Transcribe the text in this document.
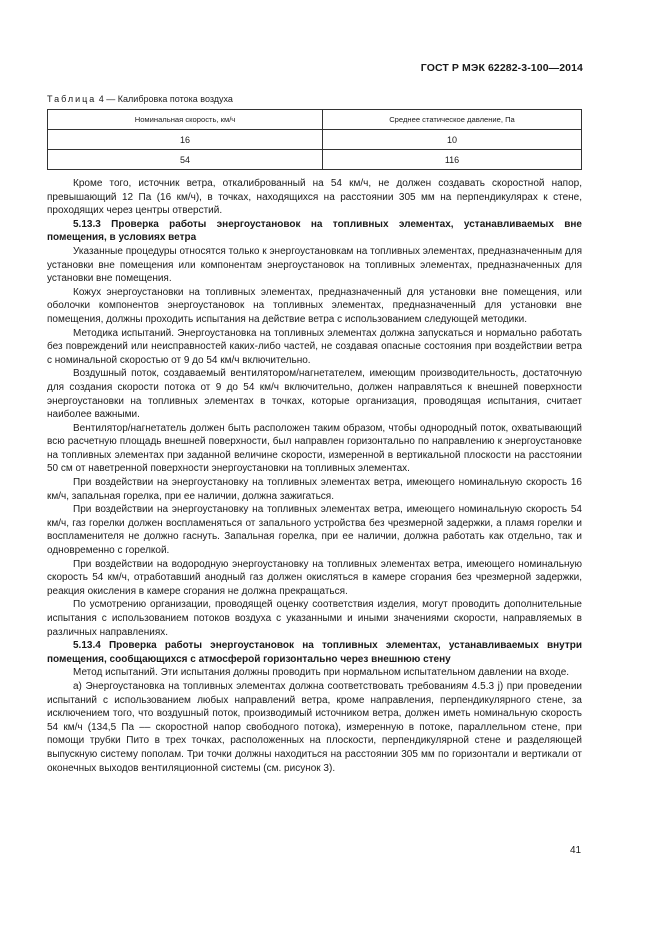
ГОСТ Р МЭК 62282-3-100—2014
Таблица 4 — Калибровка потока воздуха
Номинальная скорость, км/ч	Среднее статическое давление, Па
16	10
54	116

Кроме того, источник ветра, откалиброванный на 54 км/ч, не должен создавать скоростной напор, превышающий 12 Па (16 км/ч), в точках, находящихся на расстоянии 305 мм на перпендикулярах к стене, проходящих через центры отверстий.

5.13.3 Проверка работы энергоустановок на топливных элементах, устанавливаемых вне помещения, в условиях ветра

Указанные процедуры относятся только к энергоустановкам на топливных элементах, предназначенным для установки вне помещения или компонентам энергоустановок на топливных элементах, предназначенных для установки вне помещения.

Кожух энергоустановки на топливных элементах, предназначенный для установки вне помещения, или оболочки компонентов энергоустановок на топливных элементах, предназначенный для установки вне помещения, должны проходить испытания на действие ветра с использованием следующей методики.

Методика испытаний. Энергоустановка на топливных элементах должна запускаться и нормально работать без повреждений или неисправностей каких-либо частей, не создавая опасные состояния при воздействии ветра с номинальной скоростью от 9 до 54 км/ч включительно.

Воздушный поток, создаваемый вентилятором/нагнетателем, имеющим производительность, достаточную для создания скорости потока от 9 до 54 км/ч включительно, должен направляться к внешней поверхности энергоустановки на топливных элементах в точках, которые организация, проводящая испытания, считает наиболее важными.

Вентилятор/нагнетатель должен быть расположен таким образом, чтобы однородный поток, охватывающий всю расчетную площадь внешней поверхности, был направлен горизонтально по направлению к энергоустановке на топливных элементах при заданной величине скорости, измеренной в вертикальной плоскости на расстоянии 50 см от наветренной поверхности энергоустановки на топливных элементах.

При воздействии на энергоустановку на топливных элементах ветра, имеющего номинальную скорость 16 км/ч, запальная горелка, при ее наличии, должна зажигаться.

При воздействии на энергоустановку на топливных элементах ветра, имеющего номинальную скорость 54 км/ч, газ горелки должен воспламеняться от запального устройства без чрезмерной задержки, а пламя горелки и воспламенителя не должно гаснуть. Запальная горелка, при ее наличии, должна работать как отдельно, так и одновременно с горелкой.

При воздействии на водородную энергоустановку на топливных элементах ветра, имеющего номинальную скорость 54 км/ч, отработавший анодный газ должен окисляться в камере сгорания без чрезмерной задержки, реакция окисления в камере сгорания не должна прекращаться.

По усмотрению организации, проводящей оценку соответствия изделия, могут проводить дополнительные испытания с использованием потоков воздуха с указанными и иными значениями скорости, направляемых в различных направлениях.

5.13.4 Проверка работы энергоустановок на топливных элементах, устанавливаемых внутри помещения, сообщающихся с атмосферой горизонтально через внешнюю стену

Метод испытаний. Эти испытания должны проводить при нормальном испытательном давлении на входе.

а) Энергоустановка на топливных элементах должна соответствовать требованиям 4.5.3 j) при проведении испытаний с использованием любых направлений ветра, кроме направления, перпендикулярного стене, за исключением того, что воздушный поток, производимый источником ветра, должен иметь номинальную скорость 54 км/ч (134,5 Па –– скоростной напор свободного потока), измеренную в потоке, параллельном стене, при помощи трубки Пито в трех точках, расположенных на плоскости, перпендикулярной стене и разделяющей выпускную систему пополам. Три точки должны находиться на расстоянии 305 мм по горизонтали и вертикали от оконечных выходов вентиляционной системы (см. рисунок 3).

41
